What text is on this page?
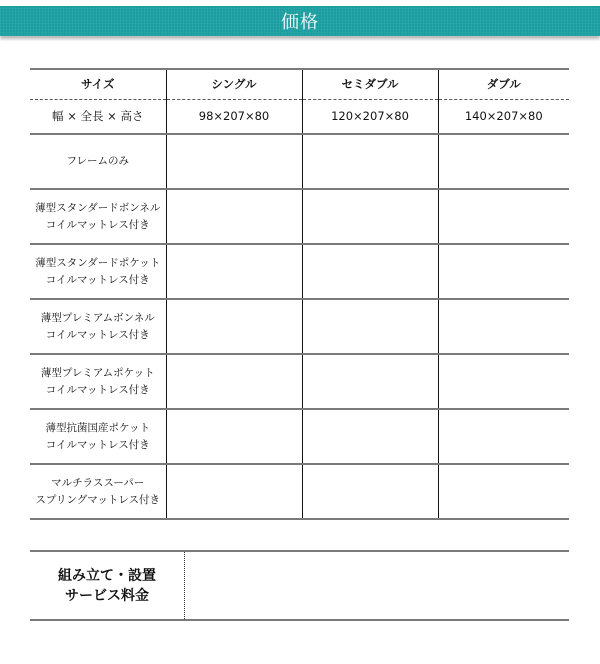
価格
サイズ	シングル	セミダブル	ダブル
幅 × 全長 × 高さ	98×207×80	120×207×80	140×207×80

フレームのみ			

薄型スタンダードボンネル
コイルマットレス付き			

薄型スタンダードポケット
コイルマットレス付き			

薄型プレミアムボンネル
コイルマットレス付き			

薄型プレミアムポケット
コイルマットレス付き			

薄型抗菌国産ポケット
コイルマットレス付き			

マルチラススーパー
スプリングマットレス付き			

組み立て・設置
サービス料金
